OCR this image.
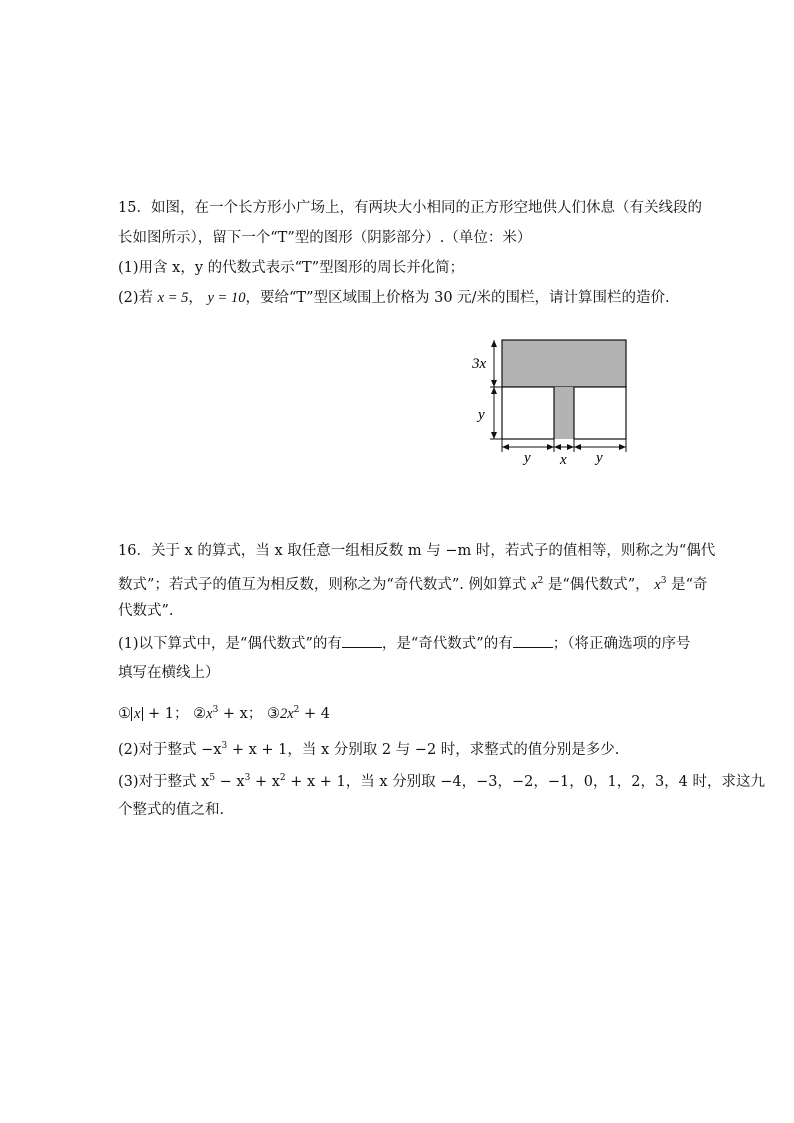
15．如图，在一个长方形小广场上，有两块大小相同的正方形空地供人们休息（有关线段的
长如图所示），留下一个“T”型的图形（阴影部分）.（单位：米）
(1)用含 x，y 的代数式表示“T”型图形的周长并化简；
(2)若 x = 5， y = 10，要给“T”型区域围上价格为 30 元/米的围栏，请计算围栏的造价.
3x
y
y x y
16．关于 x 的算式，当 x 取任意一组相反数 m 与 −m 时，若式子的值相等，则称之为“偶代
数式”；若式子的值互为相反数，则称之为“奇代数式”. 例如算式 $x^2$ 是“偶代数式”， $x^3$ 是“奇
代数式”.
(1)以下算式中，是“偶代数式”的有	，是“奇代数式”的有	；（将正确选项的序号
填写在横线上）
① x + 1； $②x^3 + x$； $③2x^2 + 4$
(2)对于整式 $-x^3 + x + 1$，当 x 分别取 2 与 −2 时，求整式的值分别是多少.
(3)对于整式 $x^5 - x^3 + x^2 + x + 1$，当 x 分别取 −4，−3，−2，−1，0，1，2，3，4 时，求这九
个整式的值之和.
